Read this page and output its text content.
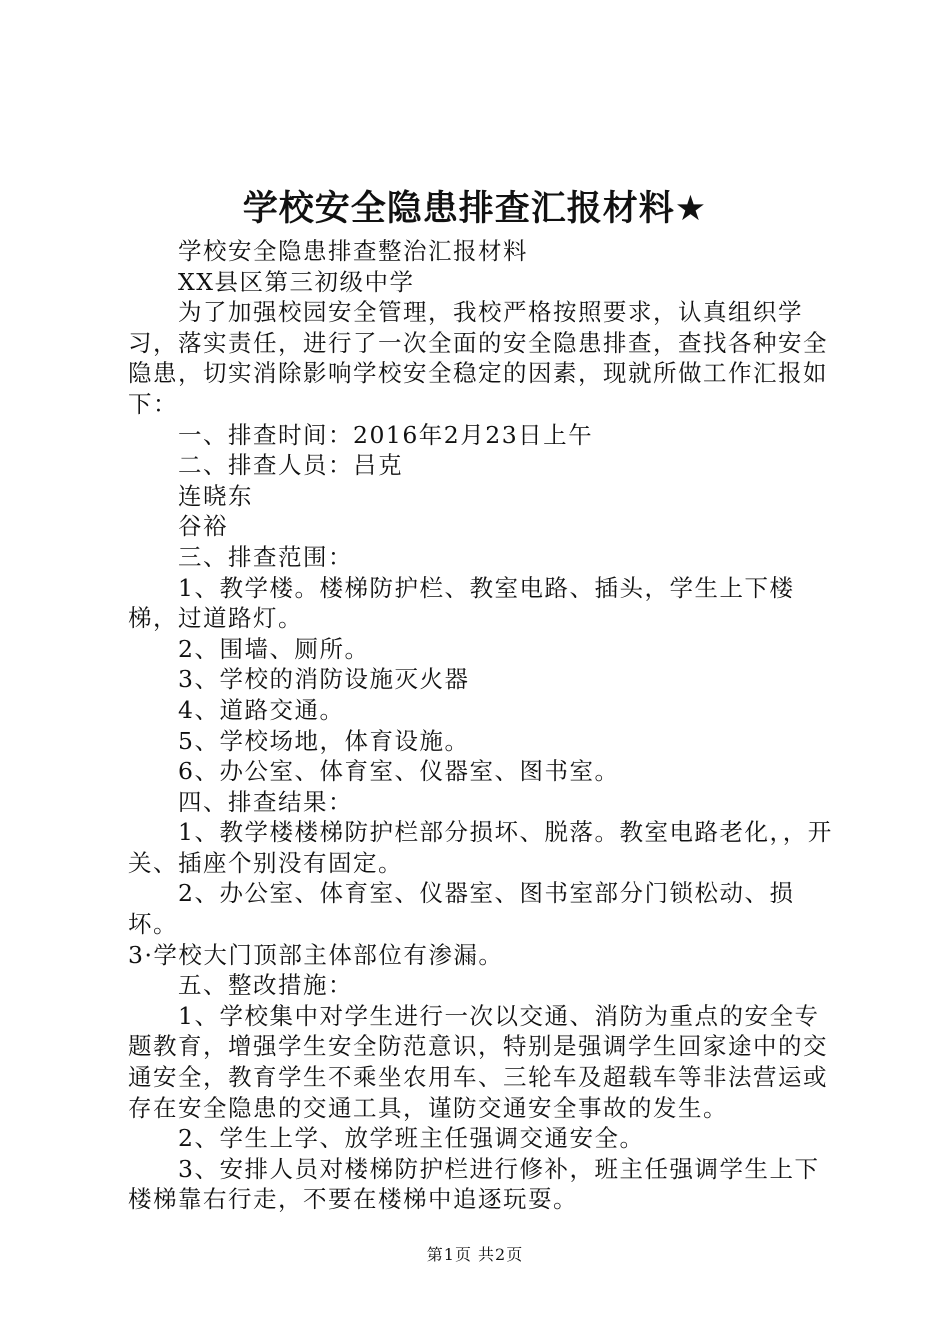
学校安全隐患排查汇报材料★

学校安全隐患排查整治汇报材料

XX县区第三初级中学

为了加强校园安全管理，我校严格按照要求，认真组织学习，落实责任，进行了一次全面的安全隐患排查，查找各种安全隐患，切实消除影响学校安全稳定的因素，现就所做工作汇报如下：

一、排查时间：2016年2月23日上午

二、排查人员：吕克

连晓东

谷裕

三、排查范围：

1、教学楼。楼梯防护栏、教室电路、插头，学生上下楼梯，过道路灯。

2、围墙、厕所。

3、学校的消防设施灭火器

4、道路交通。

5、学校场地，体育设施。

6、办公室、体育室、仪器室、图书室。

四、排查结果：

1、教学楼楼梯防护栏部分损坏、脱落。教室电路老化，，开关、插座个别没有固定。

2、办公室、体育室、仪器室、图书室部分门锁松动、损坏。

3·学校大门顶部主体部位有渗漏。

五、整改措施：

1、学校集中对学生进行一次以交通、消防为重点的安全专题教育，增强学生安全防范意识，特别是强调学生回家途中的交通安全，教育学生不乘坐农用车、三轮车及超载车等非法营运或存在安全隐患的交通工具，谨防交通安全事故的发生。

2、学生上学、放学班主任强调交通安全。

3、安排人员对楼梯防护栏进行修补，班主任强调学生上下楼梯靠右行走，不要在楼梯中追逐玩耍。

第1页 共2页
